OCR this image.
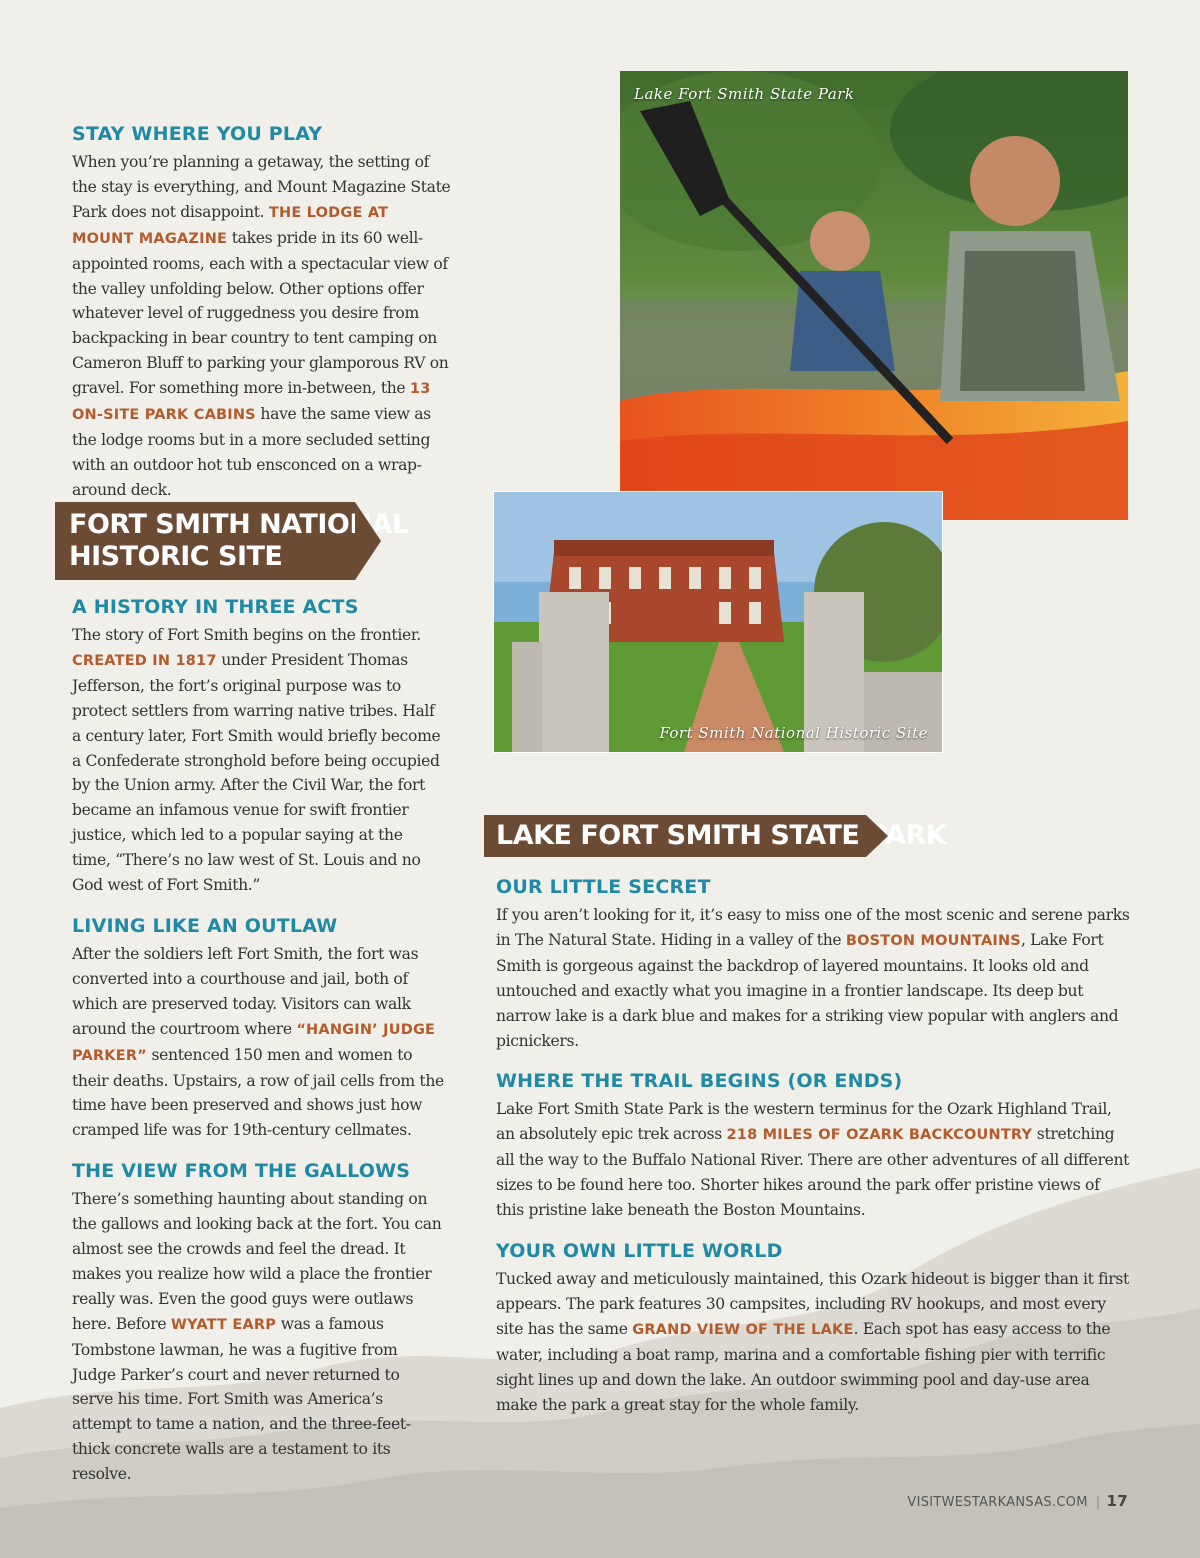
STAY WHERE YOU PLAY

When you’re planning a getaway, the setting of the stay is everything, and Mount Magazine State Park does not disappoint. THE LODGE AT MOUNT MAGAZINE takes pride in its 60 well-appointed rooms, each with a spectacular view of the valley unfolding below. Other options offer whatever level of ruggedness you desire from backpacking in bear country to tent camping on Cameron Bluff to parking your glamporous RV on gravel. For something more in-between, the 13 ON-SITE PARK CABINS have the same view as the lodge rooms but in a more secluded setting with an outdoor hot tub ensconced on a wrap-around deck.

FORT SMITH NATIONAL
HISTORIC SITE
A HISTORY IN THREE ACTS

The story of Fort Smith begins on the frontier. CREATED IN 1817 under President Thomas Jefferson, the fort’s original purpose was to protect settlers from warring native tribes. Half a century later, Fort Smith would briefly become a Confederate stronghold before being occupied by the Union army. After the Civil War, the fort became an infamous venue for swift frontier justice, which led to a popular saying at the time, “There’s no law west of St. Louis and no God west of Fort Smith.”

LIVING LIKE AN OUTLAW

After the soldiers left Fort Smith, the fort was converted into a courthouse and jail, both of which are preserved today. Visitors can walk around the courtroom where “HANGIN’ JUDGE PARKER” sentenced 150 men and women to their deaths. Upstairs, a row of jail cells from the time have been preserved and shows just how cramped life was for 19th-century cellmates.

THE VIEW FROM THE GALLOWS

There’s something haunting about standing on the gallows and looking back at the fort. You can almost see the crowds and feel the dread. It makes you realize how wild a place the frontier really was. Even the good guys were outlaws here. Before WYATT EARP was a famous Tombstone lawman, he was a fugitive from Judge Parker’s court and never returned to serve his time. Fort Smith was America’s attempt to tame a nation, and the three-feet-thick concrete walls are a testament to its resolve.

Lake Fort Smith State Park
Fort Smith National Historic Site
LAKE FORT SMITH STATE PARK
OUR LITTLE SECRET

If you aren’t looking for it, it’s easy to miss one of the most scenic and serene parks in The Natural State. Hiding in a valley of the BOSTON MOUNTAINS, Lake Fort Smith is gorgeous against the backdrop of layered mountains. It looks old and untouched and exactly what you imagine in a frontier landscape. Its deep but narrow lake is a dark blue and makes for a striking view popular with anglers and picnickers.

WHERE THE TRAIL BEGINS (OR ENDS)

Lake Fort Smith State Park is the western terminus for the Ozark Highland Trail, an absolutely epic trek across 218 MILES OF OZARK BACKCOUNTRY stretching all the way to the Buffalo National River. There are other adventures of all different sizes to be found here too. Shorter hikes around the park offer pristine views of this pristine lake beneath the Boston Mountains.

YOUR OWN LITTLE WORLD

Tucked away and meticulously maintained, this Ozark hideout is bigger than it first appears. The park features 30 campsites, including RV hookups, and most every site has the same GRAND VIEW OF THE LAKE. Each spot has easy access to the water, including a boat ramp, marina and a comfortable fishing pier with terrific sight lines up and down the lake. An outdoor swimming pool and day-use area make the park a great stay for the whole family.

VISITWESTARKANSAS.COM | 17
